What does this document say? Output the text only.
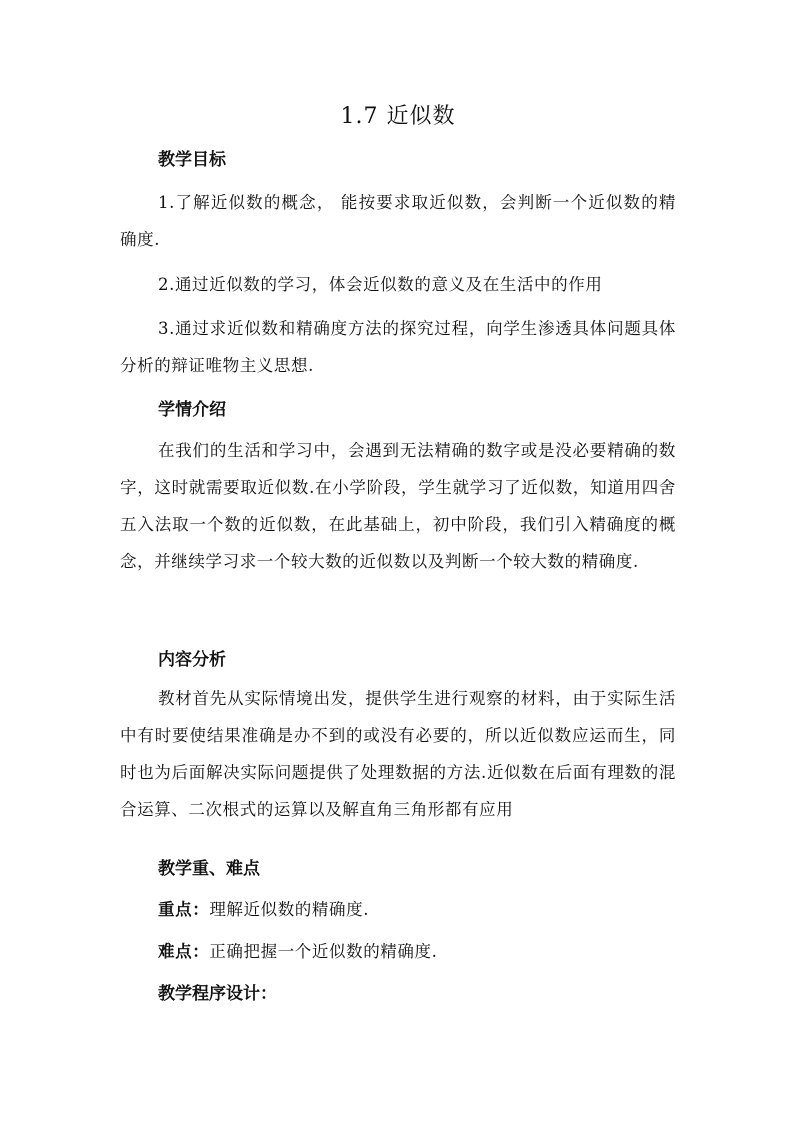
1.7 近似数
教学目标
1.了解近似数的概念， 能按要求取近似数，会判断一个近似数的精确度.
2.通过近似数的学习，体会近似数的意义及在生活中的作用
3.通过求近似数和精确度方法的探究过程，向学生渗透具体问题具体分析的辩证唯物主义思想.
学情介绍
在我们的生活和学习中，会遇到无法精确的数字或是没必要精确的数字，这时就需要取近似数.在小学阶段，学生就学习了近似数，知道用四舍五入法取一个数的近似数，在此基础上，初中阶段，我们引入精确度的概念，并继续学习求一个较大数的近似数以及判断一个较大数的精确度.
内容分析
教材首先从实际情境出发，提供学生进行观察的材料，由于实际生活中有时要使结果准确是办不到的或没有必要的，所以近似数应运而生，同时也为后面解决实际问题提供了处理数据的方法.近似数在后面有理数的混合运算、二次根式的运算以及解直角三角形都有应用
教学重、难点
重点：理解近似数的精确度.
难点：正确把握一个近似数的精确度.
教学程序设计：
